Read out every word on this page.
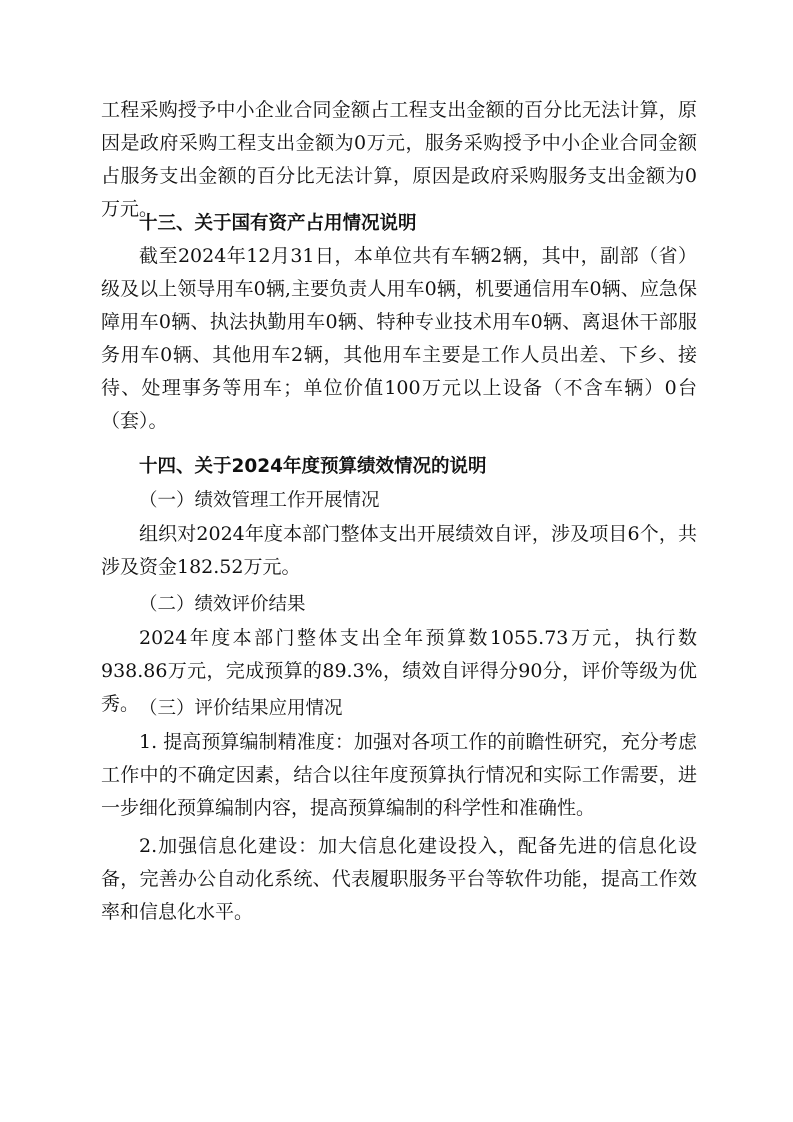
工程采购授予中小企业合同金额占工程支出金额的百分比无法计算，原因是政府采购工程支出金额为0万元，服务采购授予中小企业合同金额占服务支出金额的百分比无法计算，原因是政府采购服务支出金额为0万元。

十三、关于国有资产占用情况说明

截至2024年12月31日，本单位共有车辆2辆，其中，副部（省）级及以上领导用车0辆,主要负责人用车0辆，机要通信用车0辆、应急保障用车0辆、执法执勤用车0辆、特种专业技术用车0辆、离退休干部服务用车0辆、其他用车2辆，其他用车主要是工作人员出差、下乡、接待、处理事务等用车；单位价值100万元以上设备（不含车辆）0台（套）。

十四、关于2024年度预算绩效情况的说明

（一）绩效管理工作开展情况

组织对2024年度本部门整体支出开展绩效自评，涉及项目6个，共涉及资金182.52万元。

（二）绩效评价结果

2024年度本部门整体支出全年预算数1055.73万元，执行数938.86万元，完成预算的89.3%，绩效自评得分90分，评价等级为优秀。 （三）评价结果应用情况

1. 提高预算编制精准度：加强对各项工作的前瞻性研究，充分考虑工作中的不确定因素，结合以往年度预算执行情况和实际工作需要，进一步细化预算编制内容，提高预算编制的科学性和准确性。

2.加强信息化建设：加大信息化建设投入，配备先进的信息化设备，完善办公自动化系统、代表履职服务平台等软件功能，提高工作效率和信息化水平。
